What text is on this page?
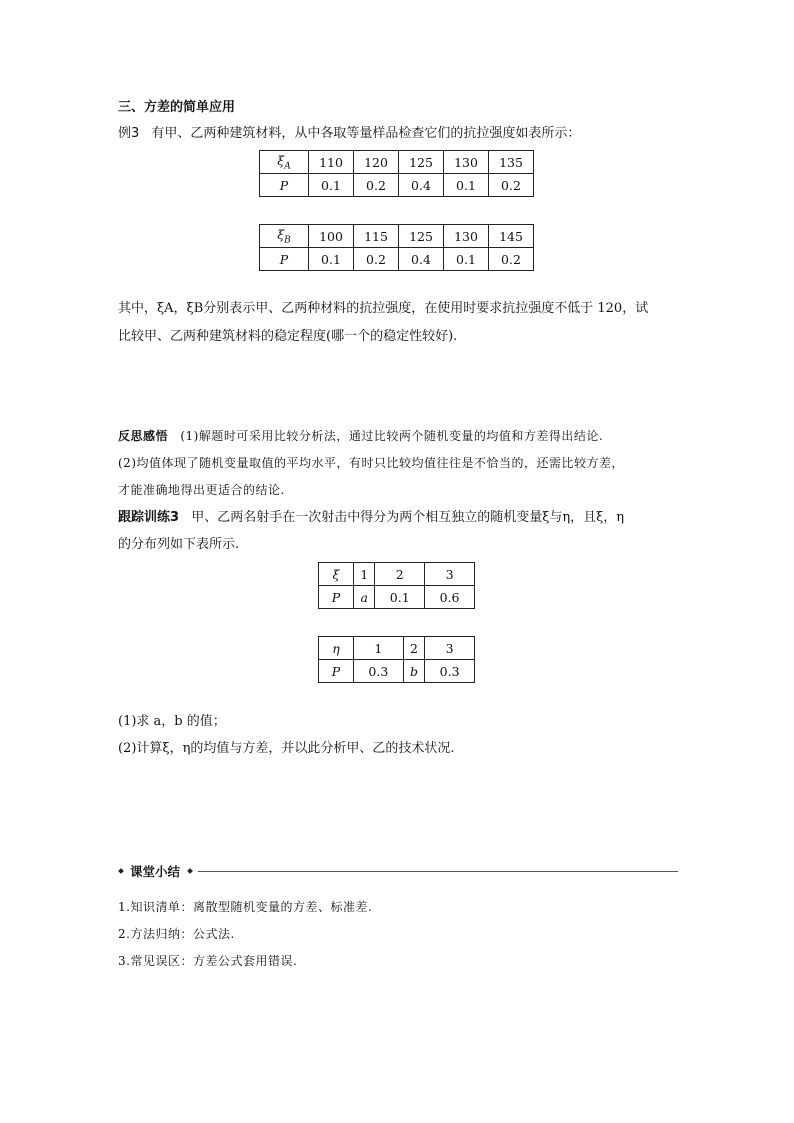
三、方差的简单应用
例3 有甲、乙两种建筑材料，从中各取等量样品检查它们的抗拉强度如表所示：
$\xi_A$	110	120	125	130	135
P	0.1	0.2	0.4	0.1	0.2
$\xi_B$	100	115	125	130	145
P	0.1	0.2	0.4	0.1	0.2
其中，ξA，ξB分别表示甲、乙两种材料的抗拉强度，在使用时要求抗拉强度不低于 120，试
比较甲、乙两种建筑材料的稳定程度(哪一个的稳定性较好).
反思感悟 (1)解题时可采用比较分析法，通过比较两个随机变量的均值和方差得出结论.
(2)均值体现了随机变量取值的平均水平，有时只比较均值往往是不恰当的，还需比较方差，
才能准确地得出更适合的结论.
跟踪训练3 甲、乙两名射手在一次射击中得分为两个相互独立的随机变量ξ与η，且ξ，η
的分布列如下表所示.
ξ	1	2	3
P	a	0.1	0.6
η	1	2	3
P	0.3	b	0.3
(1)求 a，b 的值；
(2)计算ξ，η的均值与方差，并以此分析甲、乙的技术状况.
课堂小结
1.知识清单：离散型随机变量的方差、标准差.
2.方法归纳：公式法.
3.常见误区：方差公式套用错误.
